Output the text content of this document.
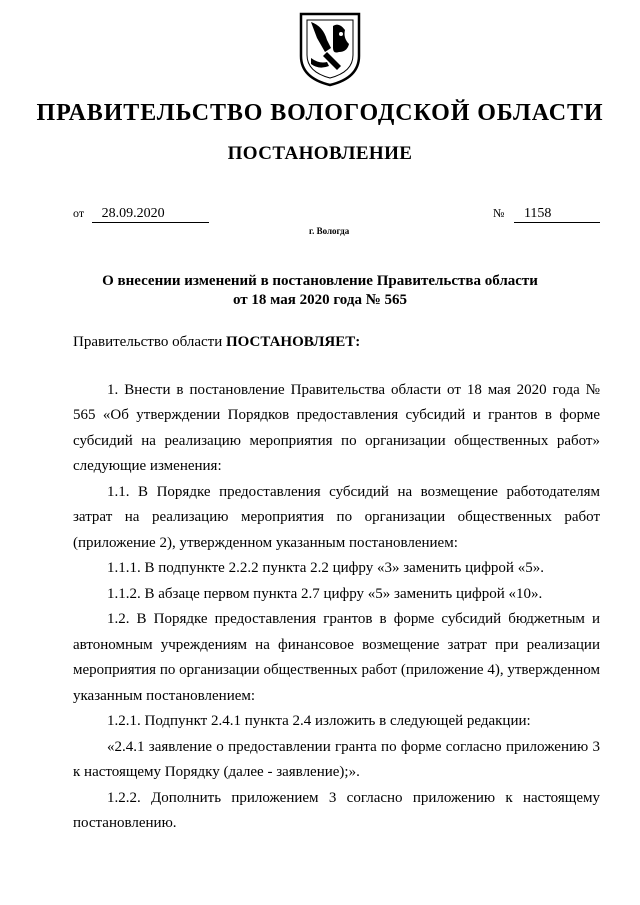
ПРАВИТЕЛЬСТВО ВОЛОГОДСКОЙ ОБЛАСТИ
ПОСТАНОВЛЕНИЕ
от 28.09.2020	№ 1158
г. Вологда
О внесении изменений в постановление Правительства области
от 18 мая 2020 года № 565

Правительство области ПОСТАНОВЛЯЕТ:

1. Внести в постановление Правительства области от 18 мая 2020 года № 565 «Об утверждении Порядков предоставления субсидий и грантов в форме субсидий на реализацию мероприятия по организации общественных работ» следующие изменения:

1.1. В Порядке предоставления субсидий на возмещение работодателям затрат на реализацию мероприятия по организации общественных работ (приложение 2), утвержденном указанным постановлением:

1.1.1. В подпункте 2.2.2 пункта 2.2 цифру «3» заменить цифрой «5».

1.1.2. В абзаце первом пункта 2.7 цифру «5» заменить цифрой «10».

1.2. В Порядке предоставления грантов в форме субсидий бюджетным и автономным учреждениям на финансовое возмещение затрат при реализации мероприятия по организации общественных работ (приложение 4), утвержденном указанным постановлением:

1.2.1. Подпункт 2.4.1 пункта 2.4 изложить в следующей редакции:

«2.4.1 заявление о предоставлении гранта по форме согласно приложению 3 к настоящему Порядку (далее - заявление);».

1.2.2. Дополнить приложением 3 согласно приложению к настоящему постановлению.
